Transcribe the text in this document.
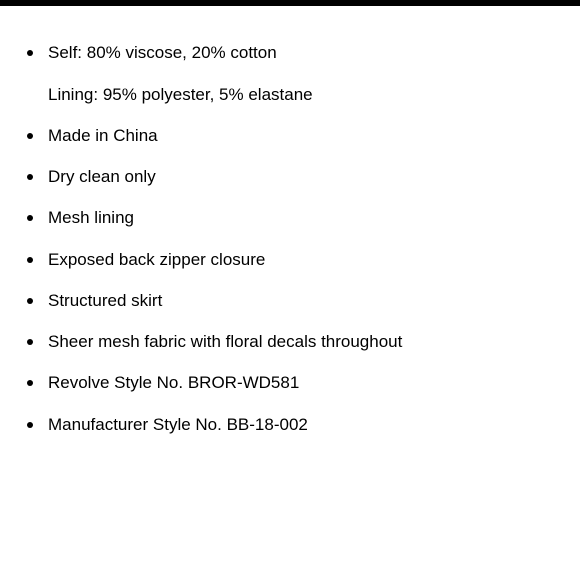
Self: 80% viscose, 20% cotton
Lining: 95% polyester, 5% elastane
Made in China
Dry clean only
Mesh lining
Exposed back zipper closure
Structured skirt
Sheer mesh fabric with floral decals throughout
Revolve Style No. BROR-WD581
Manufacturer Style No. BB-18-002
